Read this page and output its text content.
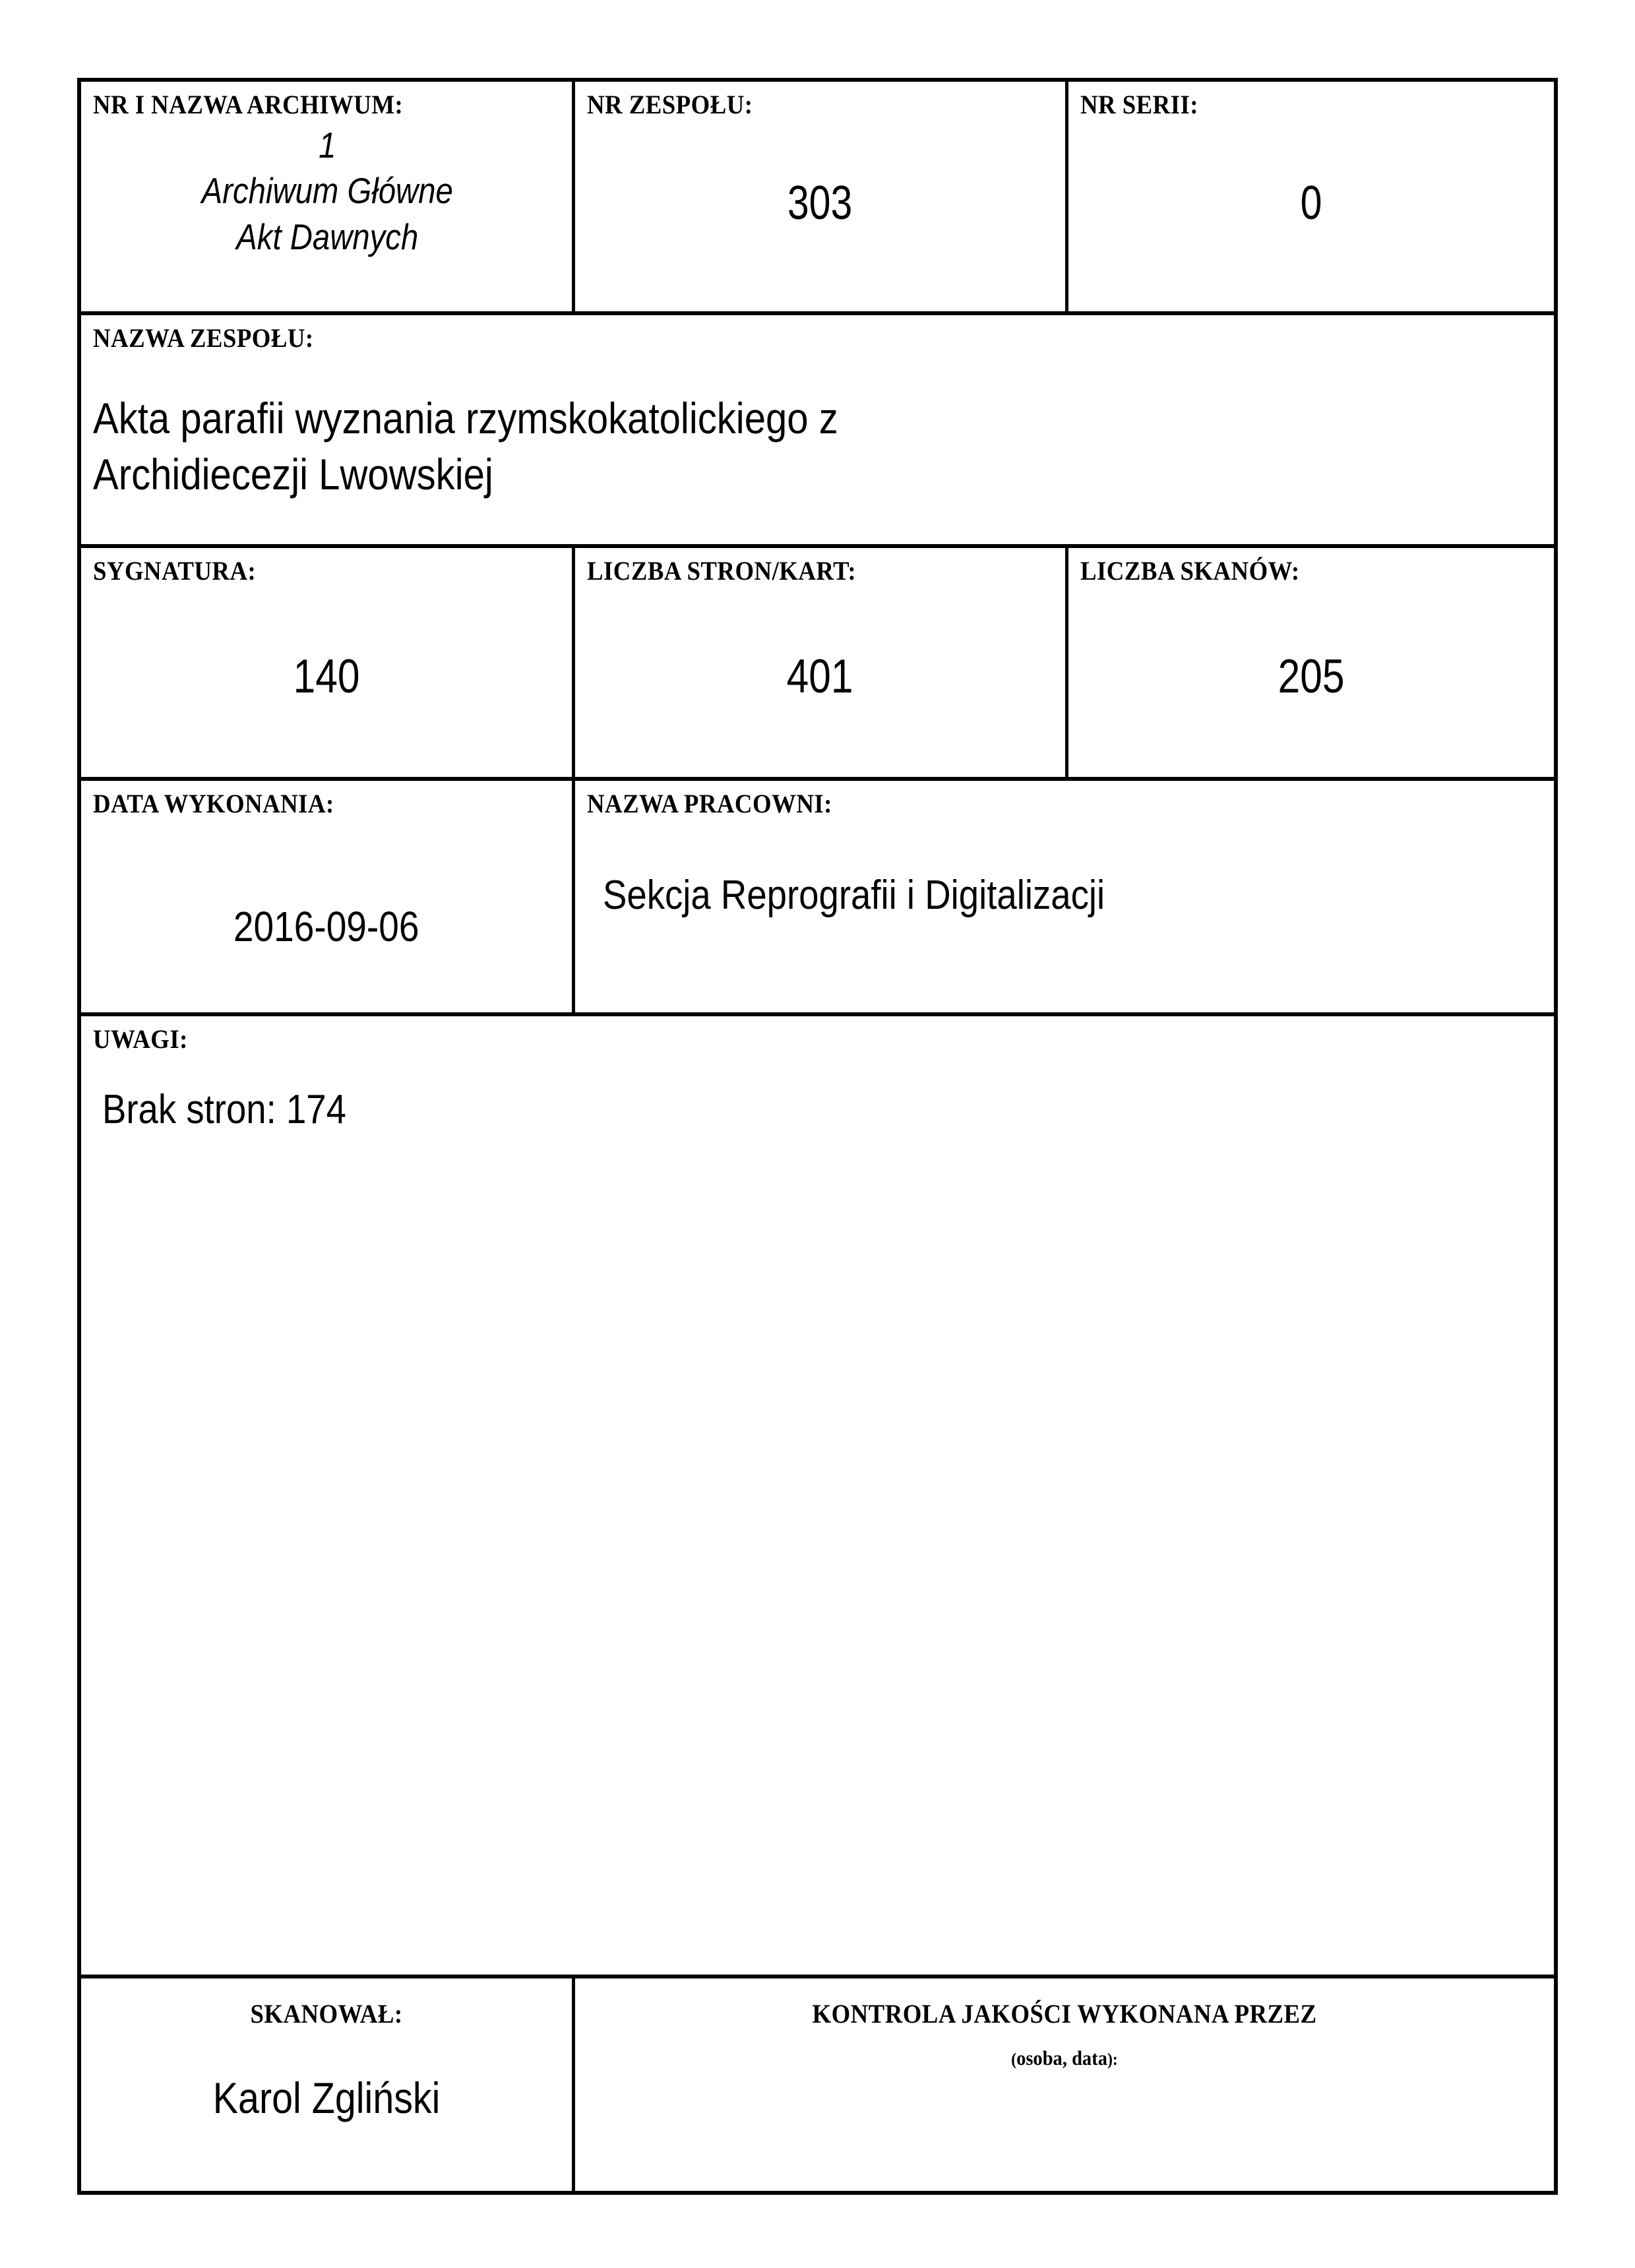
NR I NAZWA ARCHIWUM:
1
Archiwum Główne
Akt Dawnych
NR ZESPOŁU:
303
NR SERII:
0
NAZWA ZESPOŁU:
Akta parafii wyznania rzymskokatolickiego z
Archidiecezji Lwowskiej
SYGNATURA:
140
LICZBA STRON/KART:
401
LICZBA SKANÓW:
205
DATA WYKONANIA:
2016-09-06
NAZWA PRACOWNI:
Sekcja Reprografii i Digitalizacji
UWAGI:
Brak stron: 174
SKANOWAŁ:
Karol Zgliński
KONTROLA JAKOŚCI WYKONANA PRZEZ
(osoba, data):
